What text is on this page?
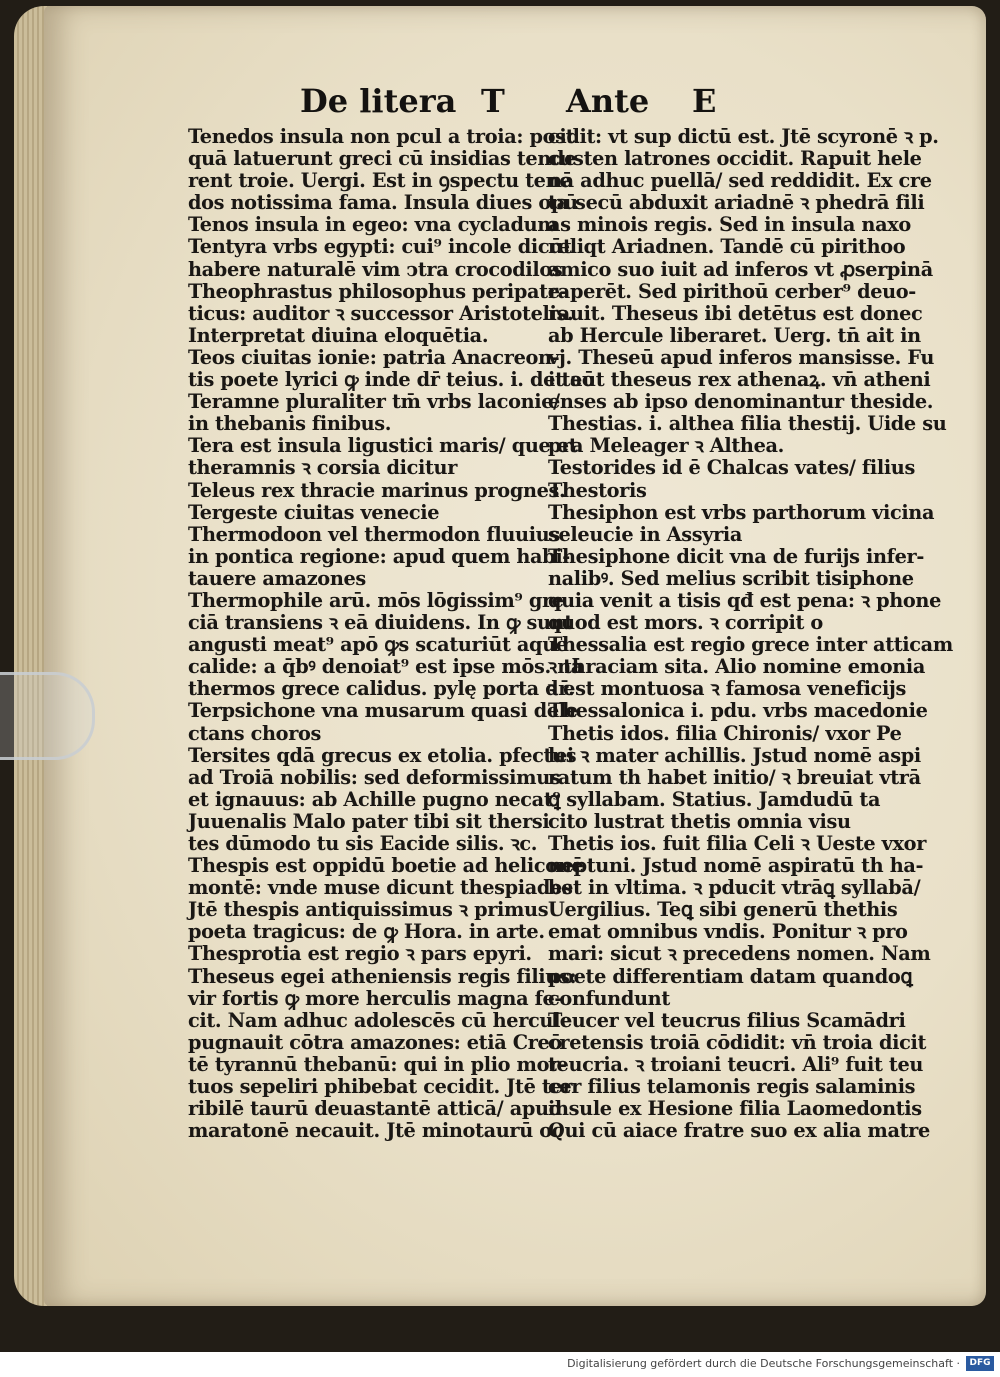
De litera T Ante E
Tenedos insula non pcul a troia: post
quā latuerunt greci cū insidias tende
rent troie. Uergi. Est in ꝯspectu tene
dos notissima fama. Insula diues opū
Tenos insula in egeo: vna cycladum
Tentyra vrbs egypti: cui⁹ incole dicūt
habere naturalē vim ↄtra crocodilos
Theophrastus philosophus peripate-
ticus: auditor ꝛ successor Aristotelis.
Interpretat diuina eloquētia.
Teos ciuitas ionie: patria Anacreon-
tis poete lyrici ꝙ inde dr̄ teius. i. de teo
Teramne pluraliter tm̄ vrbs laconie/
in thebanis finibus.
Tera est insula ligustici maris/ que et
theramnis ꝛ corsia dicitur
Teleus rex thracie marinus prognes.
Tergeste ciuitas venecie
Thermodoon vel thermodon fluuius
in pontica regione: apud quem habi-
tauere amazones
Thermophile arū. mōs lōgissim⁹ gre
ciā transiens ꝛ eā diuidens. In ꝙ sunt
angusti meat⁹ apō ꝙs scaturiūt aque
calide: a q̄bꝰ denoiat⁹ est ipse mōs. nā
thermos grece calidus. pylę porta dr̄.
Terpsichone vna musarum quasi dele
ctans choros
Tersites qdā grecus ex etolia. pfectus
ad Troiā nobilis: sed deformissimus
et ignauus: ab Achille pugno necat⁹
Juuenalis Malo pater tibi sit thersi
tes dūmodo tu sis Eacide silis. ꝛc.
Thespis est oppidū boetie ad heliconē
montē: vnde muse dicunt thespiades
Jtē thespis antiquissimus ꝛ primus
poeta tragicus: de ꝙ Hora. in arte.
Thesprotia est regio ꝛ pars epyri.
Theseus egei atheniensis regis filius:
vir fortis ꝙ more herculis magna fe-
cit. Nam adhuc adolescēs cū hercule
pugnauit cōtra amazones: etiā Creō
tē tyrannū thebanū: qui in plio mor-
tuos sepeliri phibebat cecidit. Jtē ter
ribilē taurū deuastantē atticā/ apud
maratonē necauit. Jtē minotaurū oc
cidit: vt sup dictū est. Jtē scyronē ꝛ p.
custen latrones occidit. Rapuit hele
nā adhuc puellā/ sed reddidit. Ex cre
ta secū abduxit ariadnē ꝛ phedrā fili
as minois regis. Sed in insula naxo
reliqt Ariadnen. Tandē cū pirithoo
amico suo iuit ad inferos vt ꝓserpinā
raperēt. Sed pirithoū cerber⁹ deuo-
rauit. Theseus ibi detētus est donec
ab Hercule liberaret. Uerg. tn̄ ait in
vj. Theseū apud inferos mansisse. Fu
it aūt theseus rex athenaꝝ. vn̄ atheni
enses ab ipso denominantur theside.
Thestias. i. althea filia thestij. Uide su
pra Meleager ꝛ Althea.
Testorides id ē Chalcas vates/ filius
Thestoris
Thesiphon est vrbs parthorum vicina
seleucie in Assyria
Thesiphone dicit vna de furijs infer-
nalibꝰ. Sed melius scribit tisiphone
quia venit a tisis qđ est pena: ꝛ phone
quod est mors. ꝛ corripit o
Thessalia est regio grece inter atticam
ꝛ thraciam sita. Alio nomine emonia
ꝛ est montuosa ꝛ famosa veneficijs
Thessalonica i. pdu. vrbs macedonie
Thetis idos. filia Chironis/ vxor Pe
lei ꝛ mater achillis. Jstud nomē aspi
ratum th habet initio/ ꝛ breuiat vtrā
ꝗ syllabam. Statius. Jamdudū ta
cito lustrat thetis omnia visu
Thetis ios. fuit filia Celi ꝛ Ueste vxor
neptuni. Jstud nomē aspiratū th ha-
bet in vltima. ꝛ pducit vtrāꝗ syllabā/
Uergilius. Teꝗ sibi generū thethis
emat omnibus vndis. Ponitur ꝛ pro
mari: sicut ꝛ precedens nomen. Nam
poete differentiam datam quandoꝗ
confundunt
Teucer vel teucrus filius Scamādri
cretensis troiā cōdidit: vn̄ troia dicit
teucria. ꝛ troiani teucri. Ali⁹ fuit teu
cer filius telamonis regis salaminis
insule ex Hesione filia Laomedontis
Qui cū aiace fratre suo ex alia matre
Digitalisierung gefördert durch die Deutsche Forschungsgemeinschaft ·	DFG
